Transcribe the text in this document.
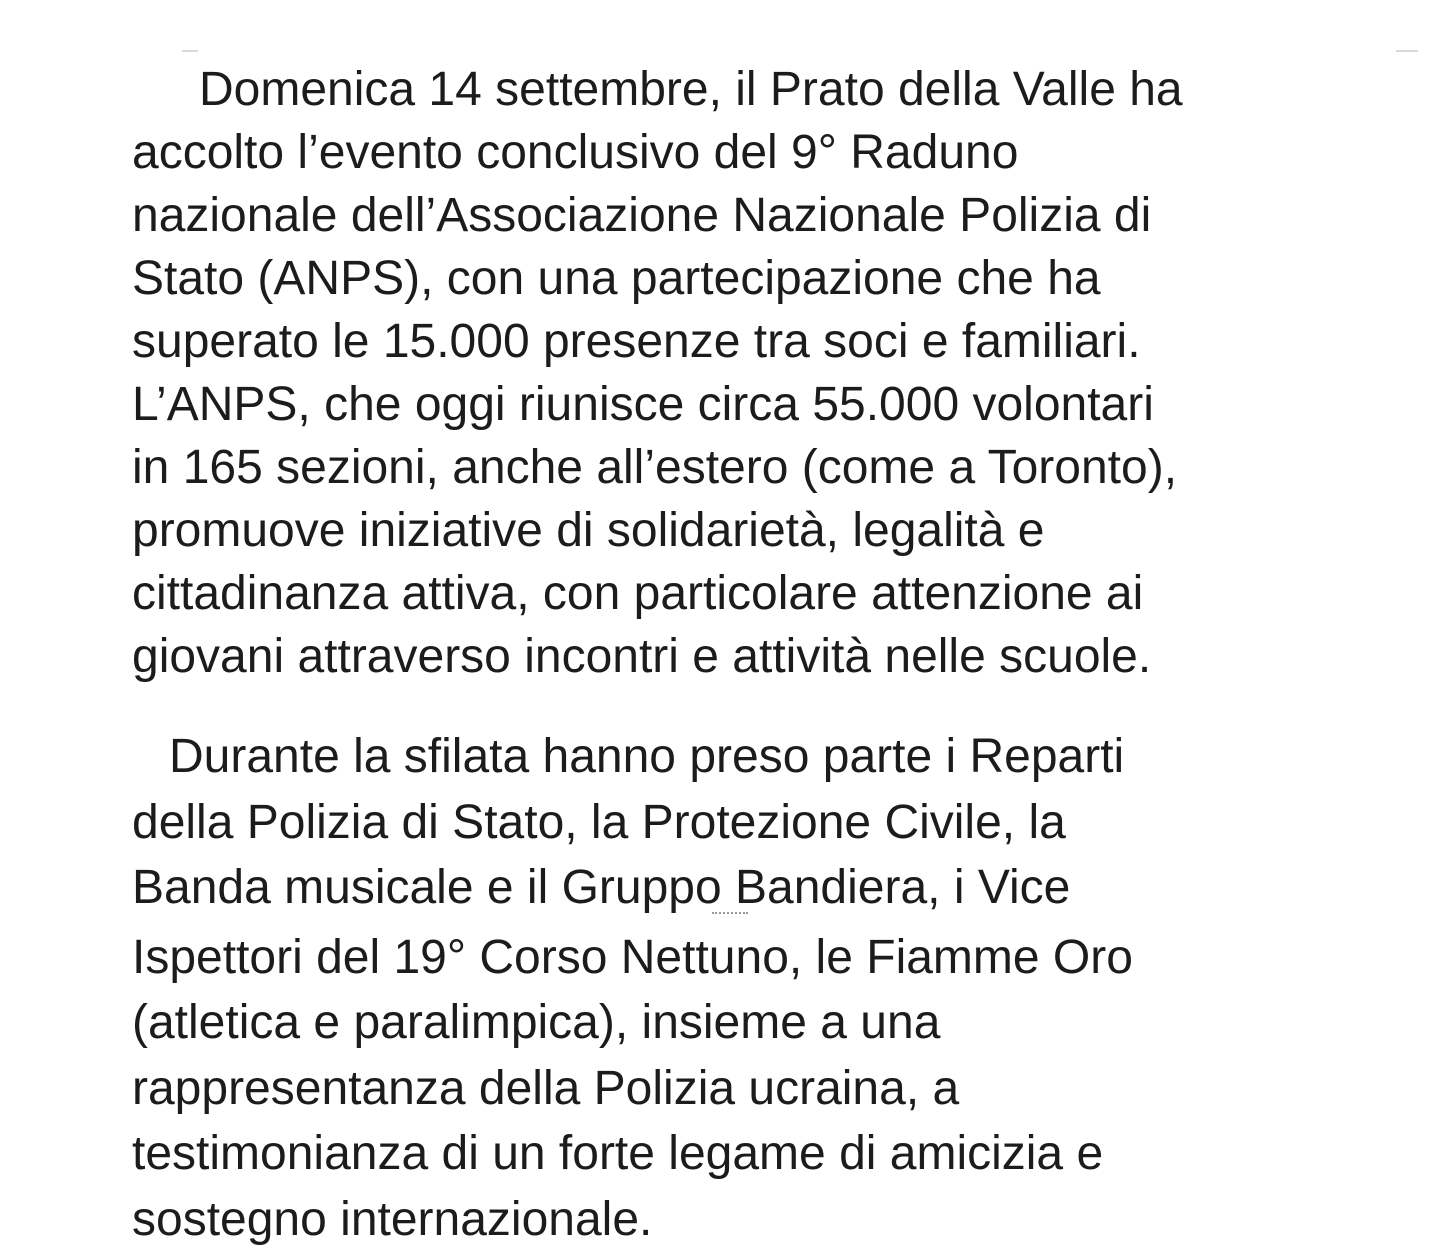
Domenica 14 settembre, il Prato della Valle ha
accolto l’evento conclusivo del 9° Raduno
nazionale dell’Associazione Nazionale Polizia di
Stato (ANPS), con una partecipazione che ha
superato le 15.000 presenze tra soci e familiari.
L’ANPS, che oggi riunisce circa 55.000 volontari
in 165 sezioni, anche all’estero (come a Toronto),
promuove iniziative di solidarietà, legalità e
cittadinanza attiva, con particolare attenzione ai
giovani attraverso incontri e attività nelle scuole.
Durante la sfilata hanno preso parte i Reparti
della Polizia di Stato, la Protezione Civile, la
Banda musicale e il Gruppo Bandiera, i Vice
Ispettori del 19° Corso Nettuno, le Fiamme Oro
(atletica e paralimpica), insieme a una
rappresentanza della Polizia ucraina, a
testimonianza di un forte legame di amicizia e
sostegno internazionale.
